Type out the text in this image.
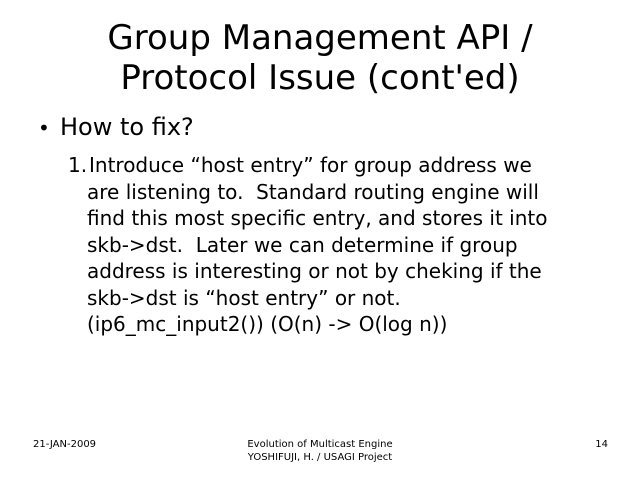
Group Management API /
Protocol Issue (cont'ed)
• How to fix?
1. Introduce “host entry” for group address we
are listening to.  Standard routing engine will
find this most specific entry, and stores it into
skb->dst.  Later we can determine if group
address is interesting or not by cheking if the
skb->dst is “host entry” or not.
(ip6_mc_input2()) (O(n) -> O(log n))
21-JAN-2009	Evolution of Multicast Engine
YOSHIFUJI, H. / USAGI Project
14
